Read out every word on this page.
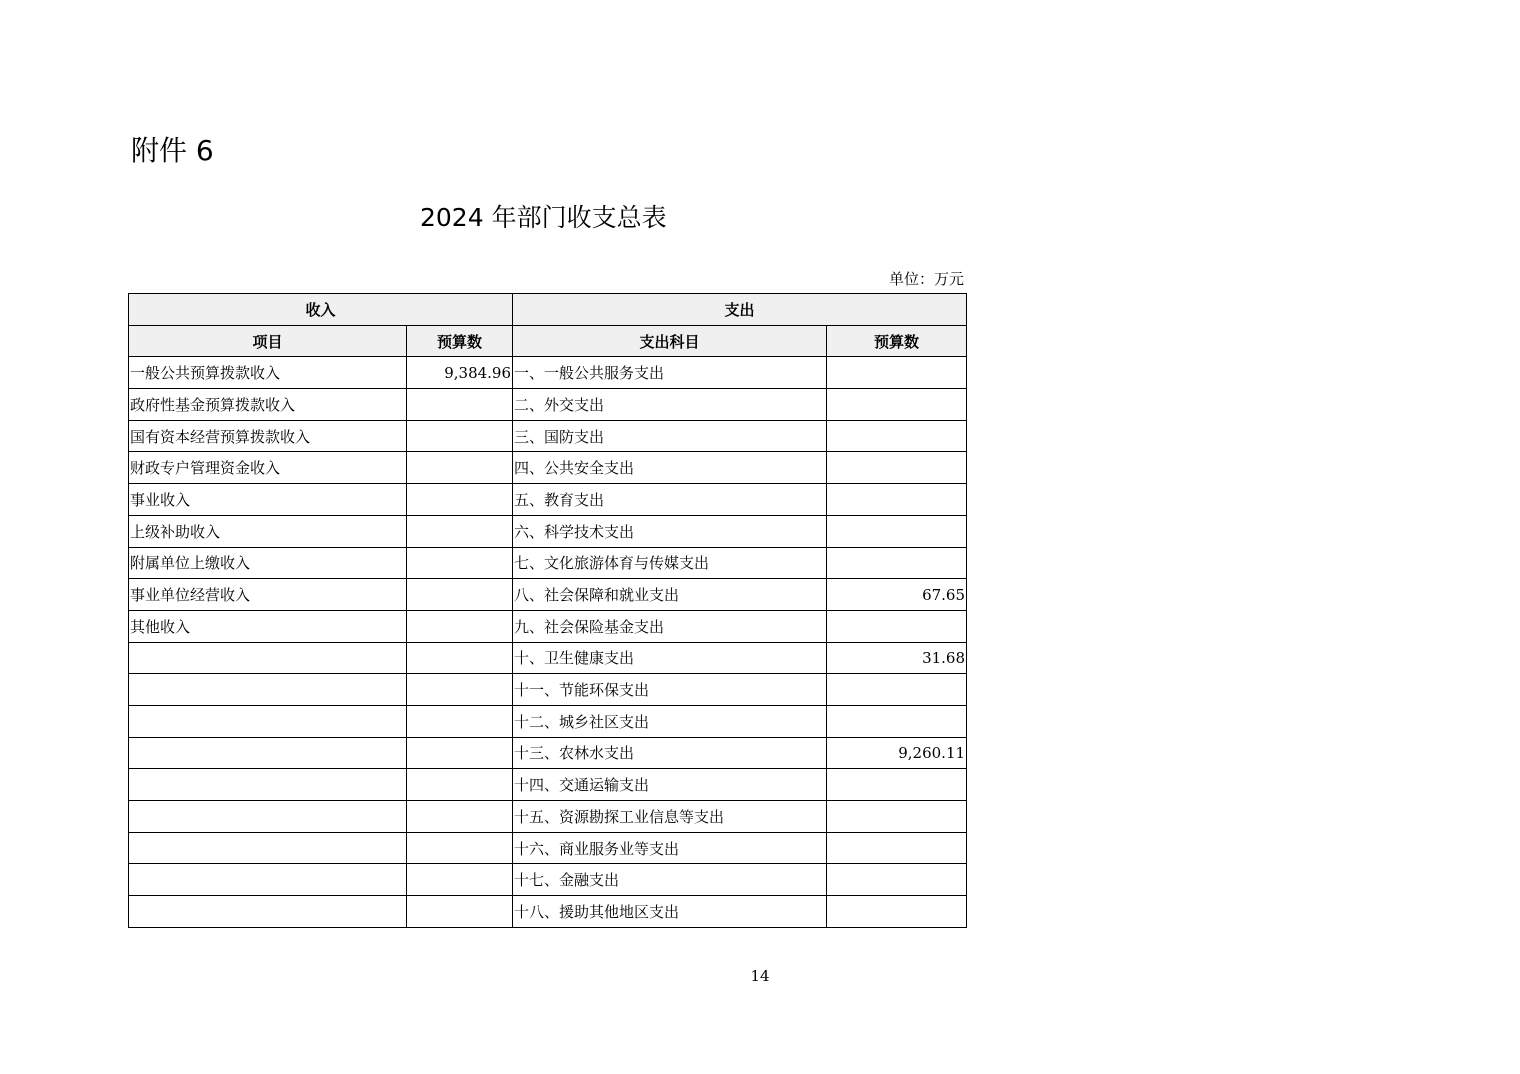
附件 6
2024 年部门收支总表
单位：万元
收入		支出	
项目	预算数	支出科目	预算数
一般公共预算拨款收入	9,384.96	一、一般公共服务支出	
政府性基金预算拨款收入		二、外交支出	
国有资本经营预算拨款收入		三、国防支出	
财政专户管理资金收入		四、公共安全支出	
事业收入		五、教育支出	
上级补助收入		六、科学技术支出	
附属单位上缴收入		七、文化旅游体育与传媒支出	
事业单位经营收入		八、社会保障和就业支出	67.65
其他收入		九、社会保险基金支出	
		十、卫生健康支出	31.68
		十一、节能环保支出	
		十二、城乡社区支出	
		十三、农林水支出	9,260.11
		十四、交通运输支出	
		十五、资源勘探工业信息等支出	
		十六、商业服务业等支出	
		十七、金融支出	
		十八、援助其他地区支出	
14
